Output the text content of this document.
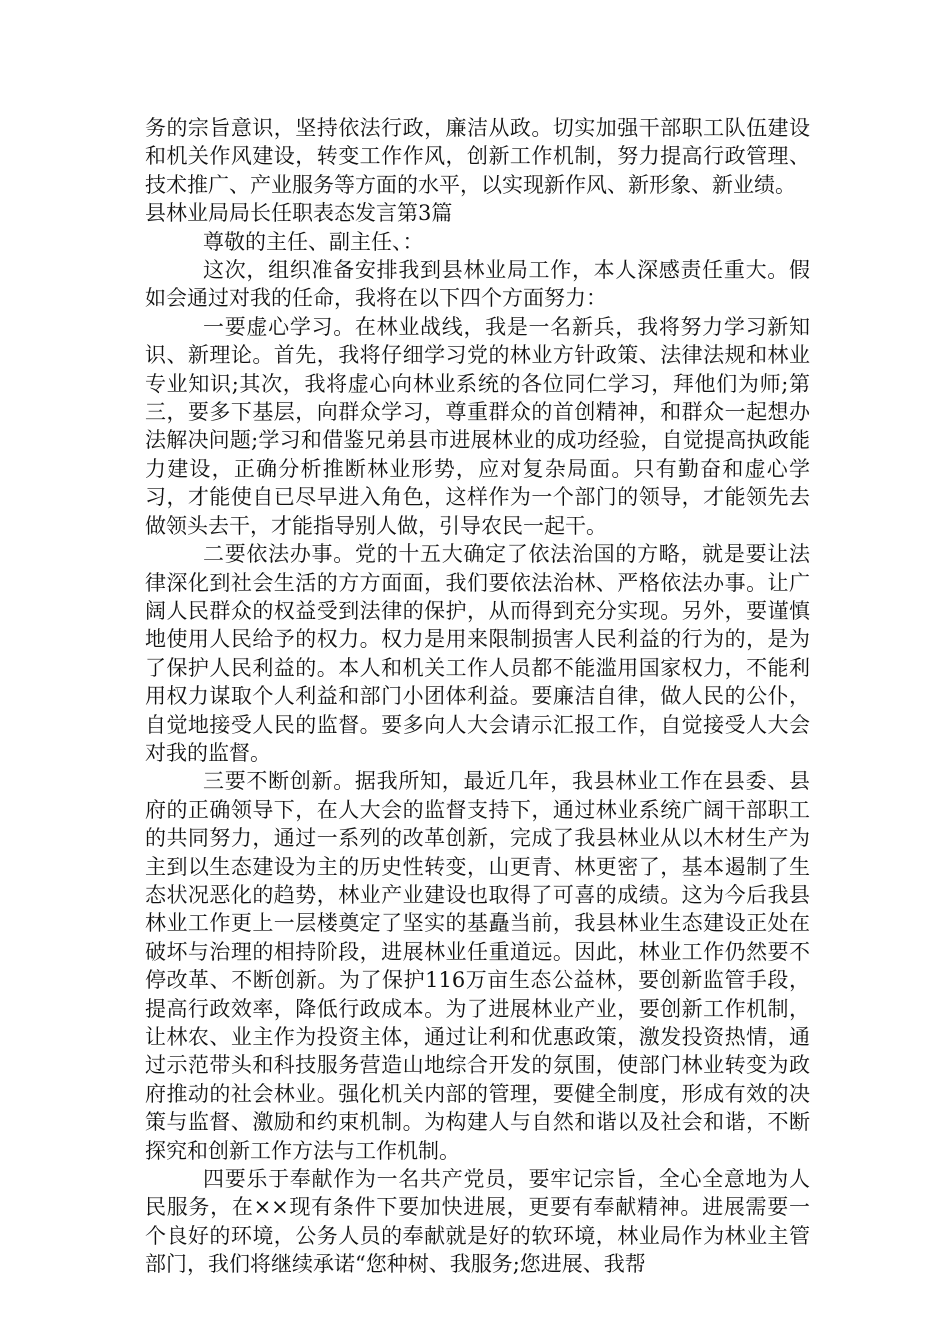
务的宗旨意识，坚持依法行政，廉洁从政。切实加强干部职工队伍建设和机关作风建设，转变工作作风，创新工作机制，努力提高行政管理、技术推广、产业服务等方面的水平，以实现新作风、新形象、新业绩。

县林业局局长任职表态发言第3篇

尊敬的主任、副主任、：

这次，组织准备安排我到县林业局工作，本人深感责任重大。假如会通过对我的任命，我将在以下四个方面努力：

一要虚心学习。在林业战线，我是一名新兵，我将努力学习新知识、新理论。首先，我将仔细学习党的林业方针政策、法律法规和林业专业知识;其次，我将虚心向林业系统的各位同仁学习，拜他们为师;第三，要多下基层，向群众学习，尊重群众的首创精神，和群众一起想办法解决问题;学习和借鉴兄弟县市进展林业的成功经验，自觉提高执政能力建设，正确分析推断林业形势，应对复杂局面。只有勤奋和虚心学习，才能使自已尽早进入角色，这样作为一个部门的领导，才能领先去做领头去干，才能指导别人做，引导农民一起干。

二要依法办事。党的十五大确定了依法治国的方略，就是要让法律深化到社会生活的方方面面，我们要依法治林、严格依法办事。让广阔人民群众的权益受到法律的保护，从而得到充分实现。另外，要谨慎地使用人民给予的权力。权力是用来限制损害人民利益的行为的，是为了保护人民利益的。本人和机关工作人员都不能滥用国家权力，不能利用权力谋取个人利益和部门小团体利益。要廉洁自律，做人民的公仆，自觉地接受人民的监督。要多向人大会请示汇报工作，自觉接受人大会对我的监督。

三要不断创新。据我所知，最近几年，我县林业工作在县委、县府的正确领导下，在人大会的监督支持下，通过林业系统广阔干部职工的共同努力，通过一系列的改革创新，完成了我县林业从以木材生产为主到以生态建设为主的历史性转变，山更青、林更密了，基本遏制了生态状况恶化的趋势，林业产业建设也取得了可喜的成绩。这为今后我县林业工作更上一层楼奠定了坚实的基矗当前，我县林业生态建设正处在破坏与治理的相持阶段，进展林业任重道远。因此，林业工作仍然要不停改革、不断创新。为了保护116万亩生态公益林，要创新监管手段，提高行政效率，降低行政成本。为了进展林业产业，要创新工作机制，让林农、业主作为投资主体，通过让利和优惠政策，激发投资热情，通过示范带头和科技服务营造山地综合开发的氛围，使部门林业转变为政府推动的社会林业。强化机关内部的管理，要健全制度，形成有效的决策与监督、激励和约束机制。为构建人与自然和谐以及社会和谐，不断探究和创新工作方法与工作机制。

四要乐于奉献作为一名共产党员，要牢记宗旨，全心全意地为人民服务，在××现有条件下要加快进展，更要有奉献精神。进展需要一个良好的环境，公务人员的奉献就是好的软环境，林业局作为林业主管部门，我们将继续承诺“您种树、我服务;您进展、我帮
